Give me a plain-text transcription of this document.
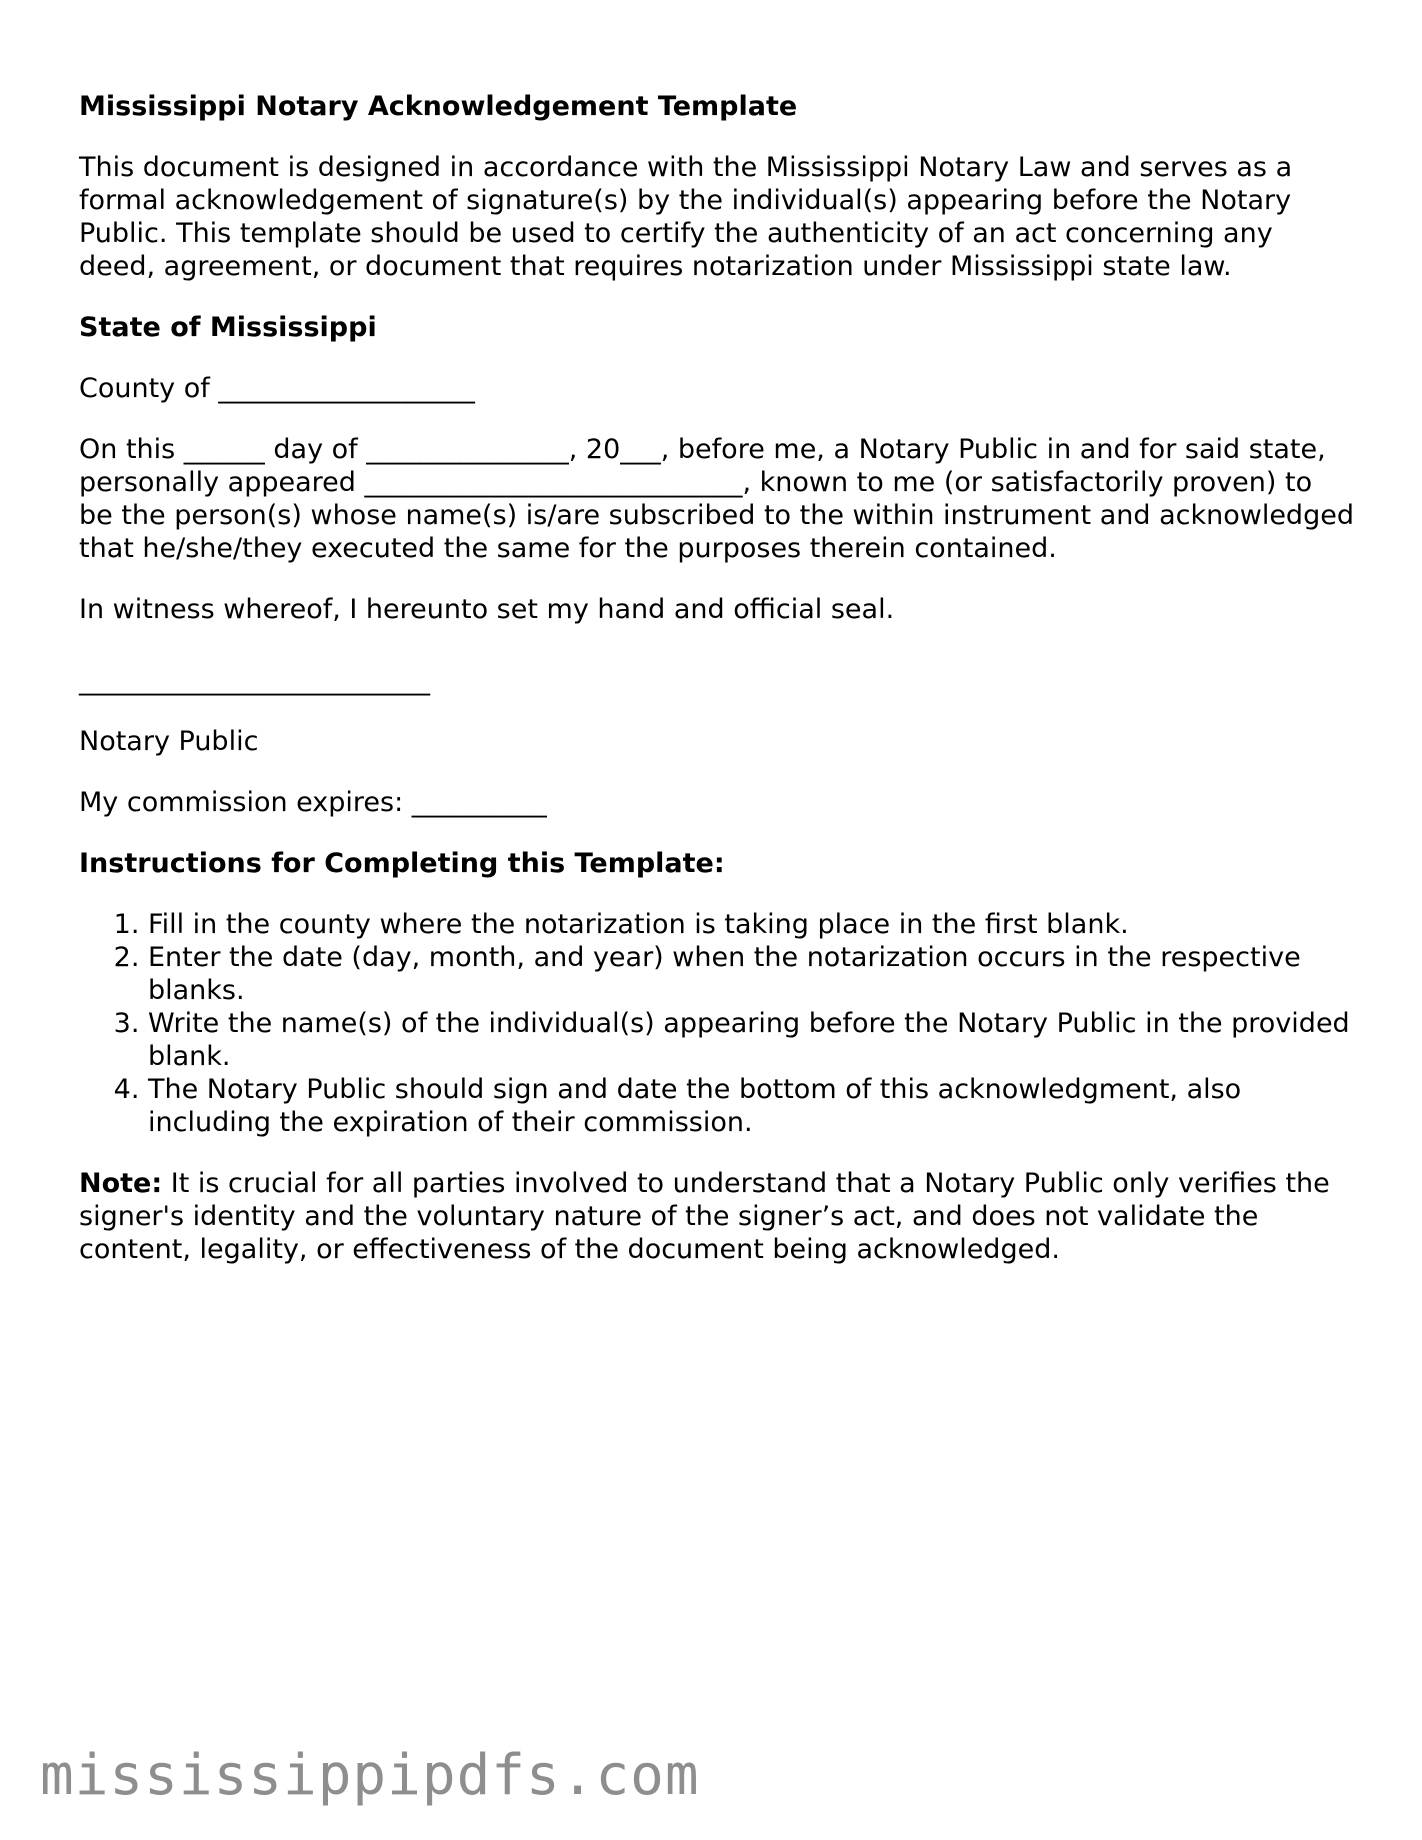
Mississippi Notary Acknowledgement Template

This document is designed in accordance with the Mississippi Notary Law and serves as a formal acknowledgement of signature(s) by the individual(s) appearing before the Notary Public. This template should be used to certify the authenticity of an act concerning any deed, agreement, or document that requires notarization under Mississippi state law.

State of Mississippi

County of ___________________

On this ______ day of _______________, 20___, before me, a Notary Public in and for said state, personally appeared ____________________________, known to me (or satisfactorily proven) to be the person(s) whose name(s) is/are subscribed to the within instrument and acknowledged that he/she/they executed the same for the purposes therein contained.

In witness whereof, I hereunto set my hand and official seal.

__________________________

Notary Public

My commission expires: __________

Instructions for Completing this Template:

1. Fill in the county where the notarization is taking place in the first blank.
2. Enter the date (day, month, and year) when the notarization occurs in the respective blanks.
3. Write the name(s) of the individual(s) appearing before the Notary Public in the provided blank.
4. The Notary Public should sign and date the bottom of this acknowledgment, also including the expiration of their commission.

Note: It is crucial for all parties involved to understand that a Notary Public only verifies the signer's identity and the voluntary nature of the signer’s act, and does not validate the content, legality, or effectiveness of the document being acknowledged.

mississippipdfs.com
